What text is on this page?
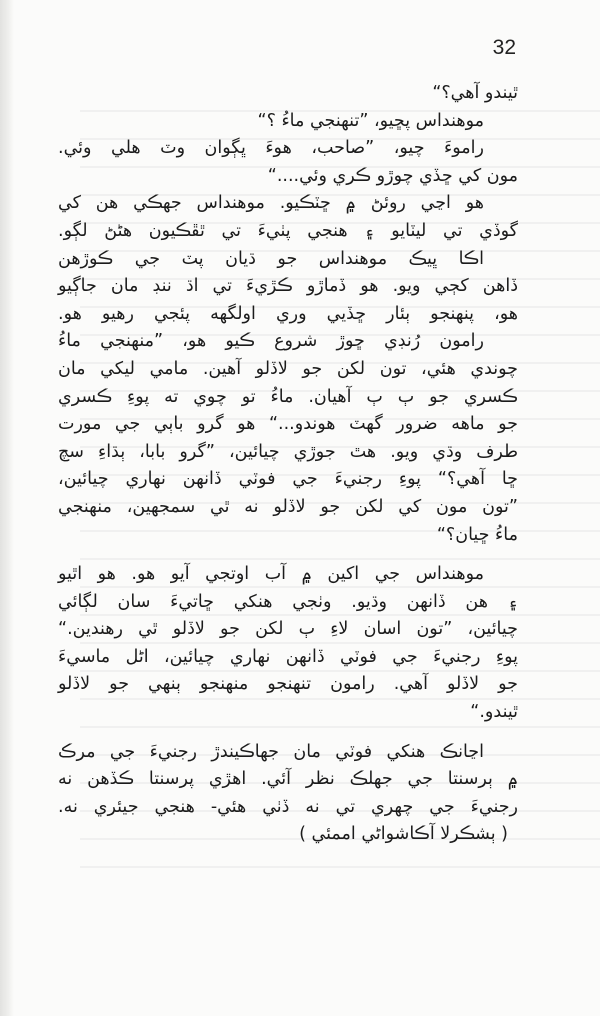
32
ٿيندو آهي؟“
موهنداس پڇيو، ”تنهنجي ماءُ ؟“
راموءَ چيو، ”صاحب، هوءَ ڀڳوان وٽ هلي وئي.
مون کي ڇڏي چوڙو ڪري وئي....“
هو اڃي روئڻ ۾ ڇٽڪيو. موهنداس جهڪي هن کي
گوڏي تي ليٽايو ۽ هنجي پٺيءَ تي ٿڦڪيون هڻڻ لڳو.
اڪا ڀيڪ موهنداس جو ڌيان پٽ جي ڪوڙهن
ڏاهن کڄي ويو. هو ڏماڙو ڪڙيءَ تي اڌ ننڊ مان جاڳيو
هو، پنهنجو ٻئار ڇڏيي وري اولگهه پئجي رهيو هو.
رامون رُنڊي ڇوڙ شروع ڪيو هو، ”منهنجي ماءُ
چوندي هئي، تون لکن جو لاڏلو آهين. مامي ليکي مان
ڪسري جو ٻ ٻ آهيان. ماءُ تو چوي ته پوءِ ڪسري
جو ماهه ضرور گهٽ هوندو...“ هو گرو باٻي جي مورت
طرف وڌي ويو. هٿ جوڙي چيائين، ”گرو بابا، ٻڌاءِ سچ
ڇا آهي؟“ پوءِ رجنيءَ جي فوٽي ڏانهن نهاري چيائين،
”تون مون کي لکن جو لاڏلو نه ٿي سمجهين، منهنجي
ماءُ ڇيان؟“
موهنداس جي اکين ۾ آب اوتجي آيو هو. هو اٿيو
۽ هن ڏانهن وڌيو. وٺجي هنکي ڇاتيءَ سان لڳائي
چيائين، ”تون اسان لاءِ ٻ لکن جو لاڏلو ٿي رهندين.“
پوءِ رجنيءَ جي فوٽي ڏانهن نهاري چيائين، اڻل ماسيءَ
جو لاڏلو آهي. رامون تنهنجو منهنجو ٻنهي جو لاڏلو
ٿيندو.“
اڃانڪ هنکي فوٽي مان جهاڪيندڙ رجنيءَ جي مرڪ
۾ ٻرسنتا جي جهلڪ نظر آئي. اهڙي پرسنتا ڪڏهن نه
رجنيءَ جي چهري تي نه ڏٺي هئي- هنجي جيئري نه.
( ٻشڪرلا آڪاشواڻي اممئي )
